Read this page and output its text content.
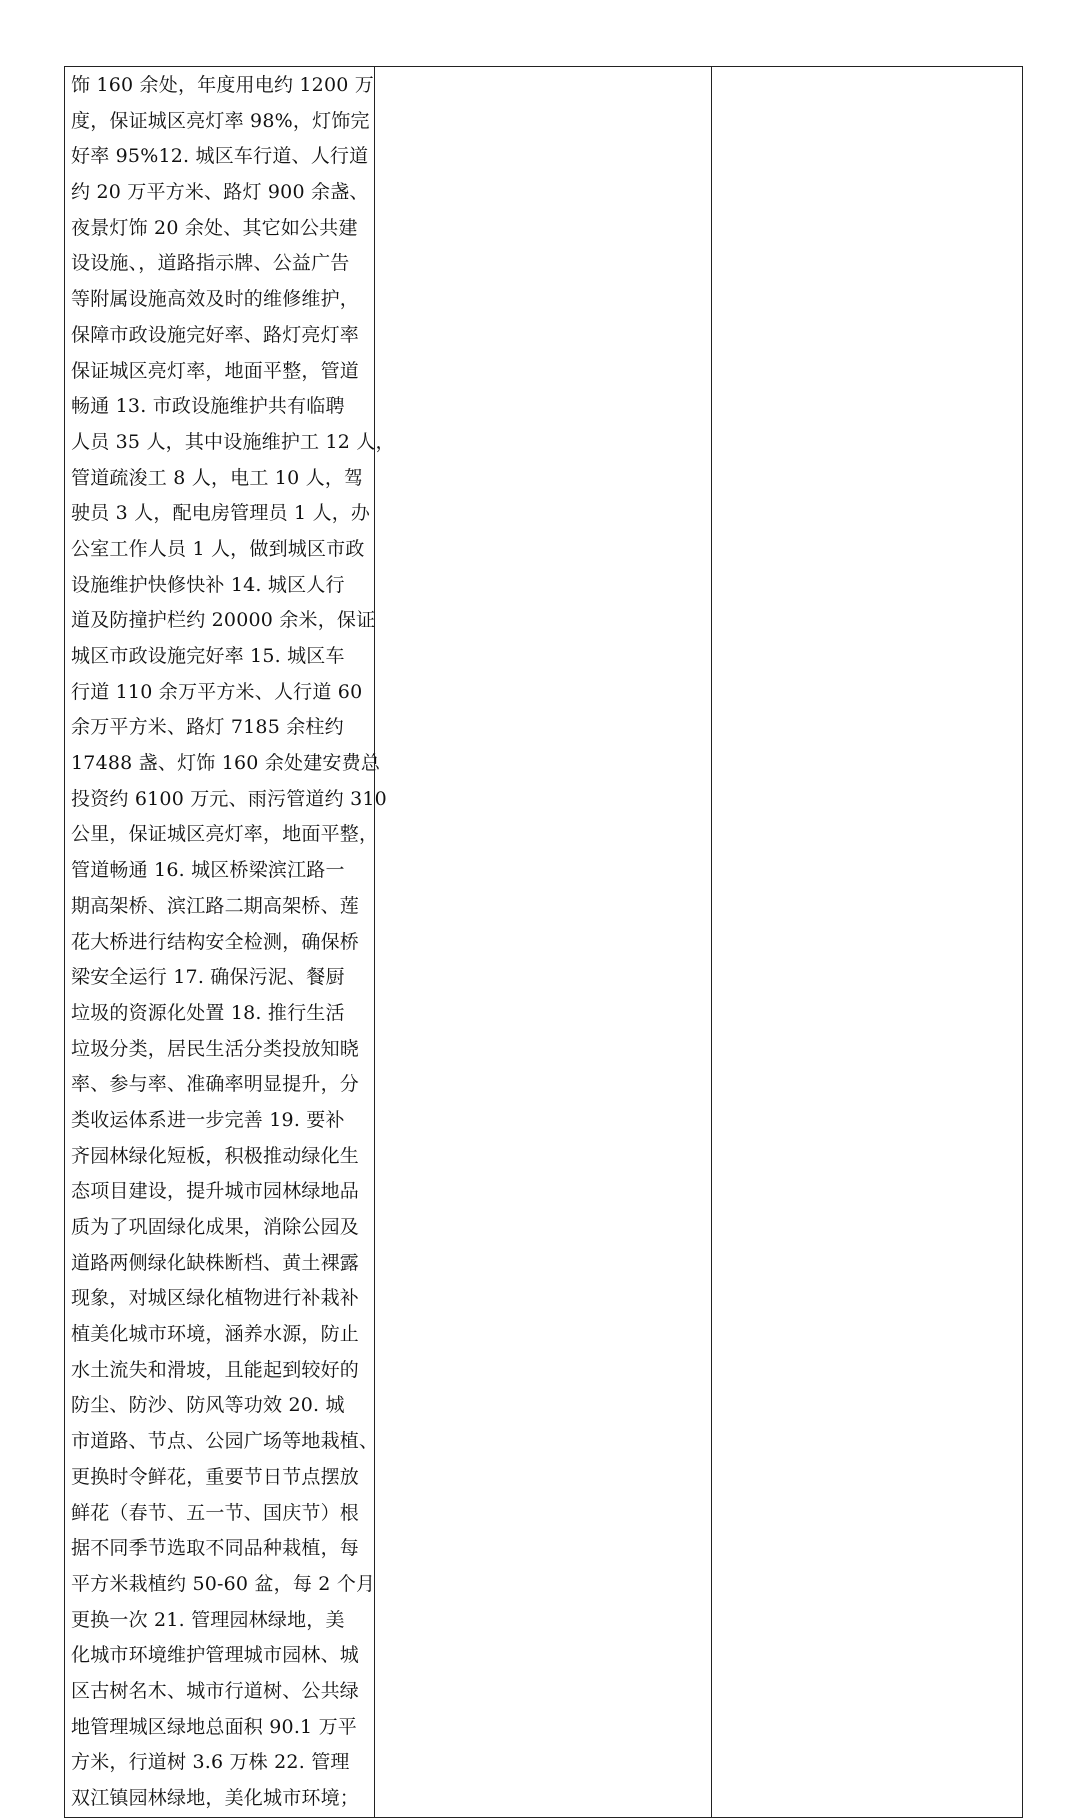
饰 160 余处，年度用电约 1200 万
度，保证城区亮灯率 98%，灯饰完
好率 95%12. 城区车行道、人行道
约 20 万平方米、路灯 900 余盏、
夜景灯饰 20 余处、其它如公共建
设设施、，道路指示牌、公益广告
等附属设施高效及时的维修维护，
保障市政设施完好率、路灯亮灯率
保证城区亮灯率，地面平整，管道
畅通 13. 市政设施维护共有临聘
人员 35 人，其中设施维护工 12 人，
管道疏浚工 8 人，电工 10 人，驾
驶员 3 人，配电房管理员 1 人，办
公室工作人员 1 人，做到城区市政
设施维护快修快补 14. 城区人行
道及防撞护栏约 20000 余米，保证
城区市政设施完好率 15. 城区车
行道 110 余万平方米、人行道 60
余万平方米、路灯 7185 余柱约
17488 盏、灯饰 160 余处建安费总
投资约 6100 万元、雨污管道约 310
公里，保证城区亮灯率，地面平整，
管道畅通 16. 城区桥梁滨江路一
期高架桥、滨江路二期高架桥、莲
花大桥进行结构安全检测，确保桥
梁安全运行 17. 确保污泥、餐厨
垃圾的资源化处置 18. 推行生活
垃圾分类，居民生活分类投放知晓
率、参与率、准确率明显提升，分
类收运体系进一步完善 19. 要补
齐园林绿化短板，积极推动绿化生
态项目建设，提升城市园林绿地品
质为了巩固绿化成果，消除公园及
道路两侧绿化缺株断档、黄土裸露
现象，对城区绿化植物进行补栽补
植美化城市环境，涵养水源，防止
水土流失和滑坡，且能起到较好的
防尘、防沙、防风等功效 20. 城
市道路、节点、公园广场等地栽植、
更换时令鲜花，重要节日节点摆放
鲜花（春节、五一节、国庆节）根
据不同季节选取不同品种栽植，每
平方米栽植约 50-60 盆，每 2 个月
更换一次 21. 管理园林绿地，美
化城市环境维护管理城市园林、城
区古树名木、城市行道树、公共绿
地管理城区绿地总面积 90.1 万平
方米，行道树 3.6 万株 22. 管理
双江镇园林绿地，美化城市环境；
